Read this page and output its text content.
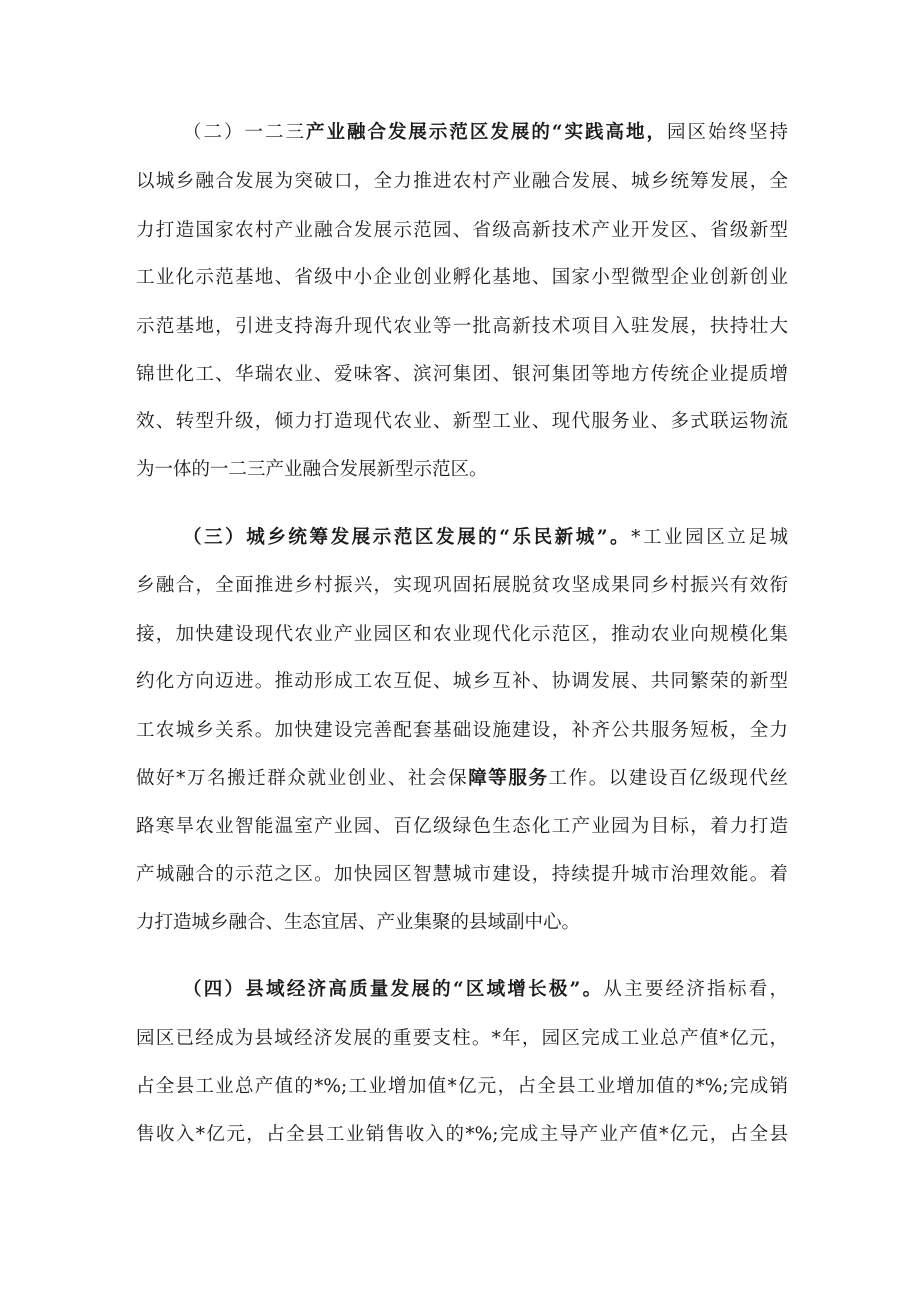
（二）一二三产业融合发展示范区发展的“实践高地，园区始终坚持
以城乡融合发展为突破口，全力推进农村产业融合发展、城乡统筹发展，全
力打造国家农村产业融合发展示范园、省级高新技术产业开发区、省级新型
工业化示范基地、省级中小企业创业孵化基地、国家小型微型企业创新创业
示范基地，引进支持海升现代农业等一批高新技术项目入驻发展，扶持壮大
锦世化工、华瑞农业、爱味客、滨河集团、银河集团等地方传统企业提质增
效、转型升级，倾力打造现代农业、新型工业、现代服务业、多式联运物流
为一体的一二三产业融合发展新型示范区。
（三）城乡统筹发展示范区发展的“乐民新城”。*工业园区立足城
乡融合，全面推进乡村振兴，实现巩固拓展脱贫攻坚成果同乡村振兴有效衔
接，加快建设现代农业产业园区和农业现代化示范区，推动农业向规模化集
约化方向迈进。推动形成工农互促、城乡互补、协调发展、共同繁荣的新型
工农城乡关系。加快建设完善配套基础设施建设，补齐公共服务短板，全力
做好*万名搬迁群众就业创业、社会保障等服务工作。以建设百亿级现代丝
路寒旱农业智能温室产业园、百亿级绿色生态化工产业园为目标，着力打造
产城融合的示范之区。加快园区智慧城市建设，持续提升城市治理效能。着
力打造城乡融合、生态宜居、产业集聚的县域副中心。
（四）县域经济高质量发展的“区域增长极”。从主要经济指标看，
园区已经成为县域经济发展的重要支柱。*年，园区完成工业总产值*亿元，
占全县工业总产值的*%;工业增加值*亿元，占全县工业增加值的*%;完成销
售收入*亿元，占全县工业销售收入的*%;完成主导产业产值*亿元，占全县
